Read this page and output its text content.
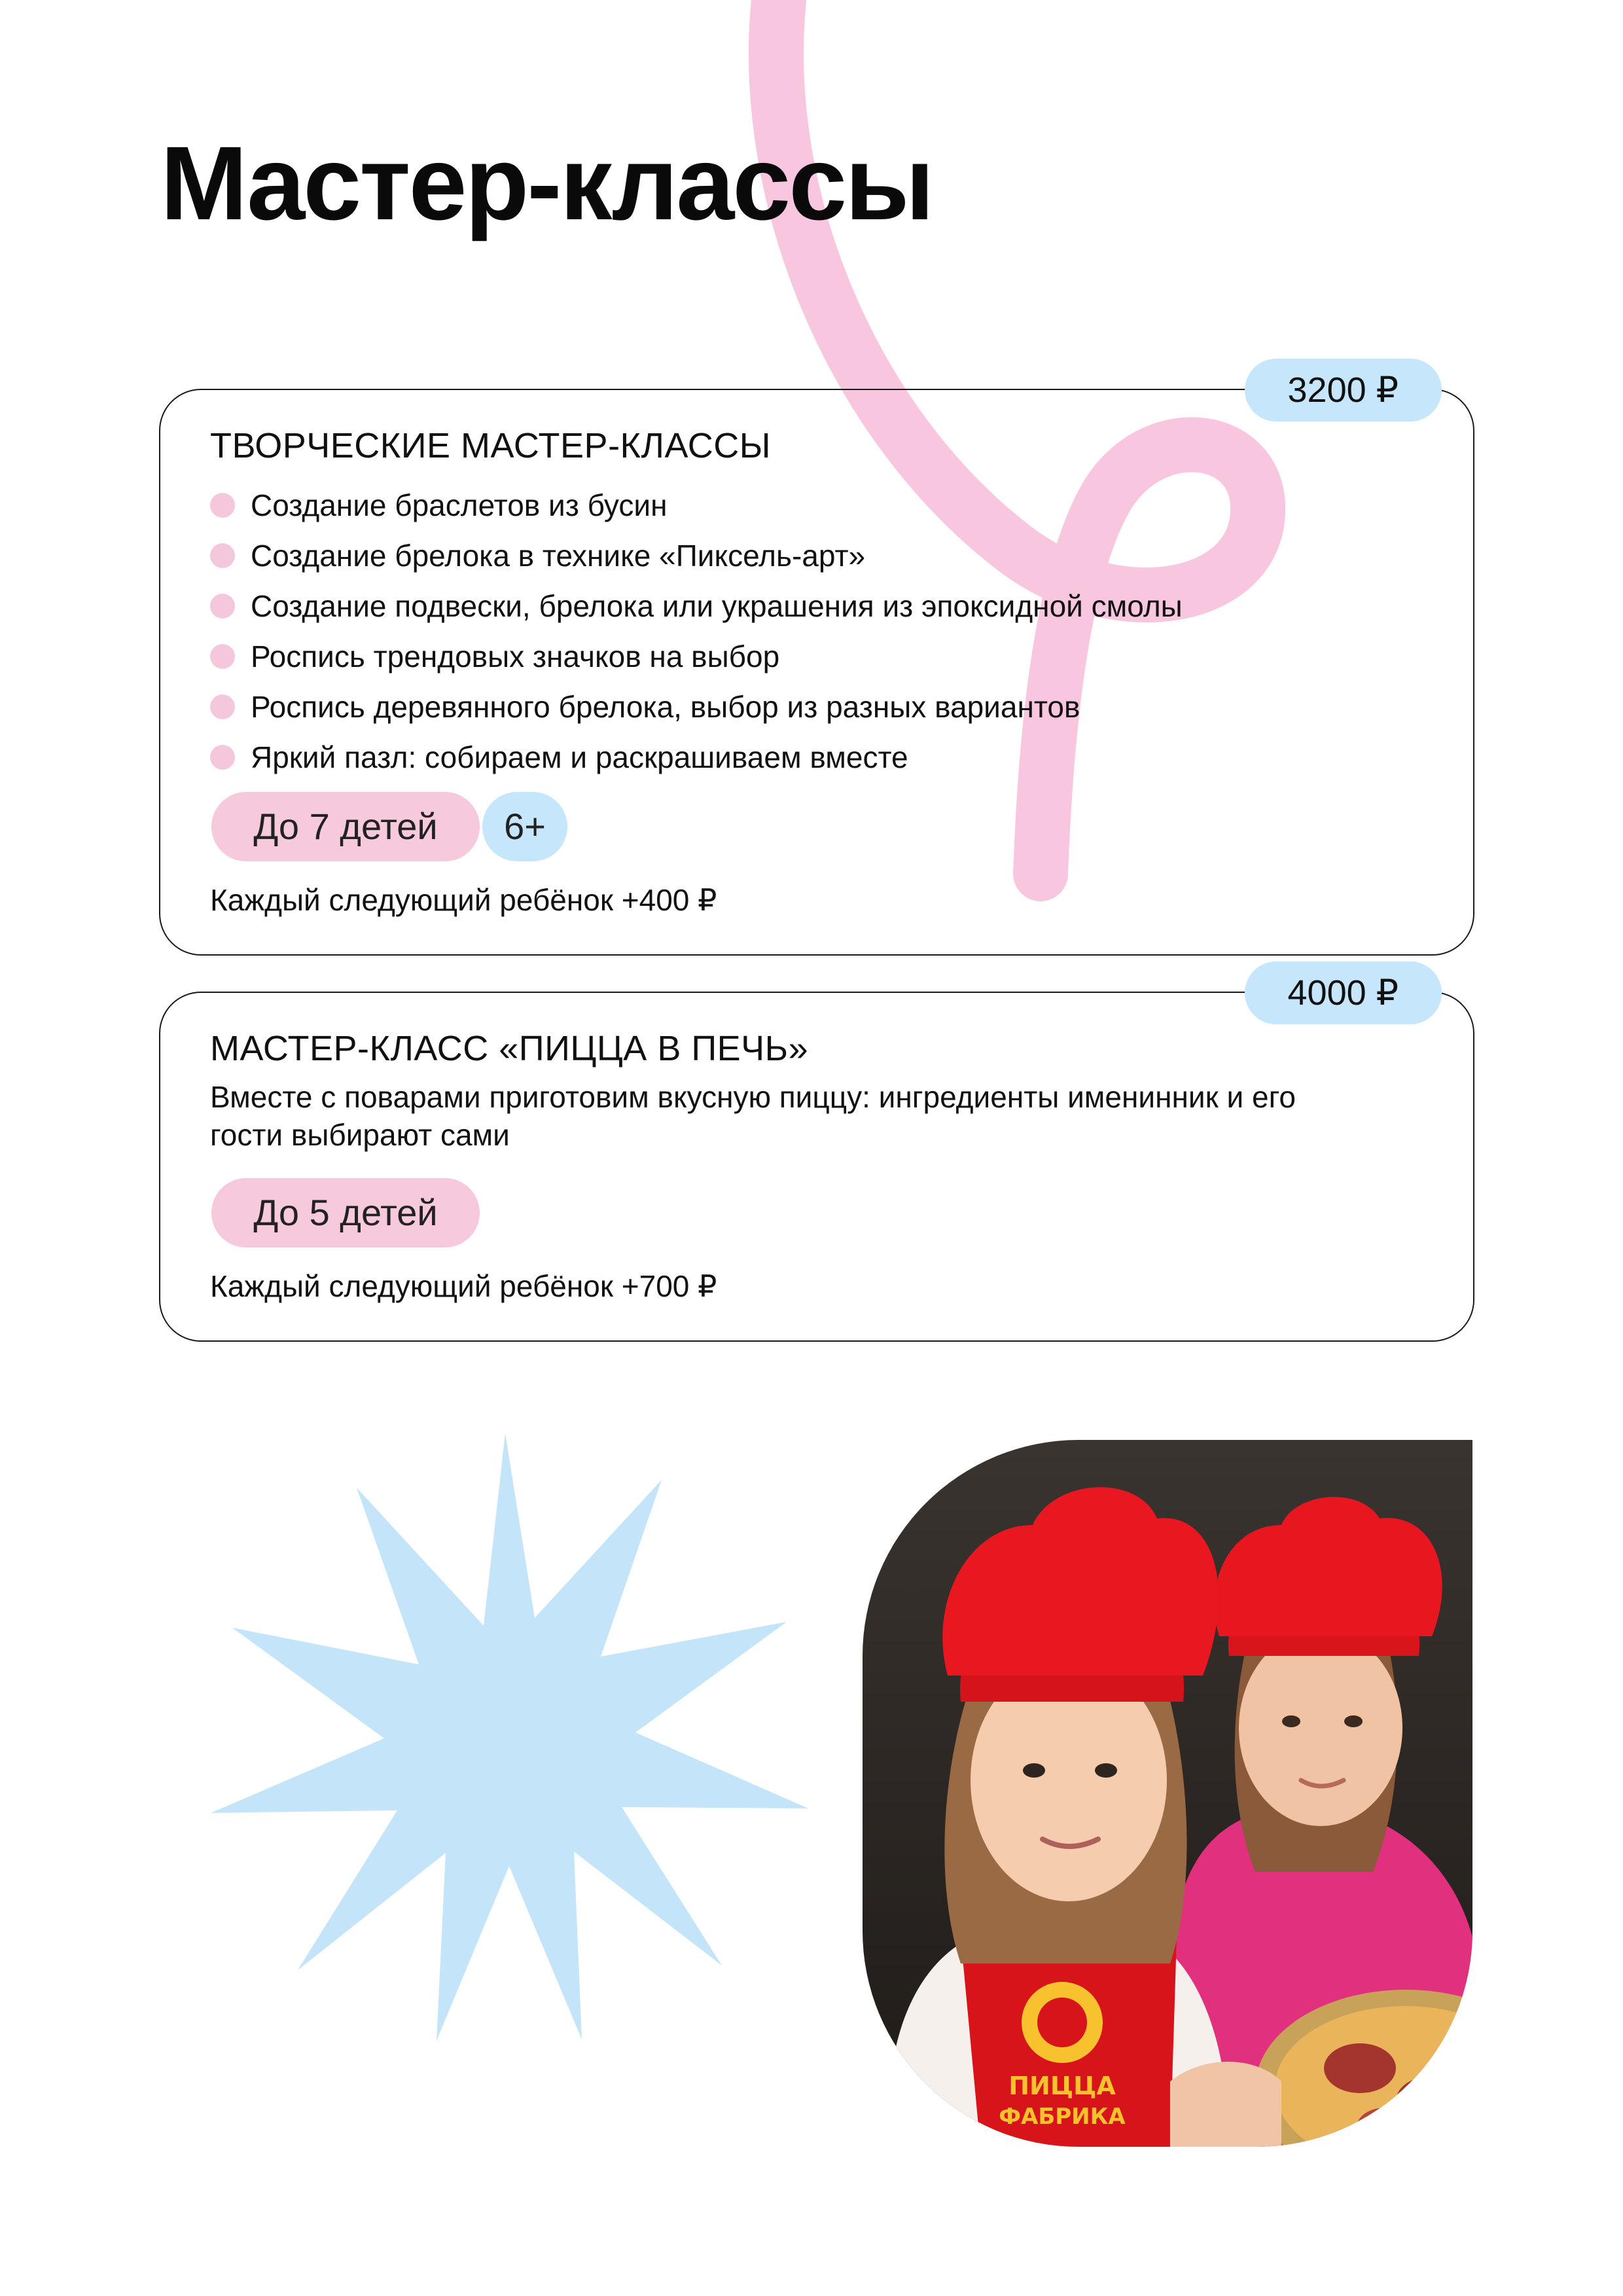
Мастер-классы
3200 ₽
ТВОРЧЕСКИЕ МАСТЕР-КЛАССЫ
Создание браслетов из бусин
Создание брелока в технике «Пиксель-арт»
Создание подвески, брелока или украшения из эпоксидной смолы
Роспись трендовых значков на выбор
Роспись деревянного брелока, выбор из разных вариантов
Яркий пазл: собираем и раскрашиваем вместе
До 7 детей	6+
Каждый следующий ребёнок +400 ₽
4000 ₽
МАСТЕР-КЛАСС «ПИЦЦА В ПЕЧЬ»

Вместе с поварами приготовим вкусную пиццу: ингредиенты именинник и его гости выбирают сами

До 5 детей
Каждый следующий ребёнок +700 ₽
ПИЦЦА
ФАБРИКА
